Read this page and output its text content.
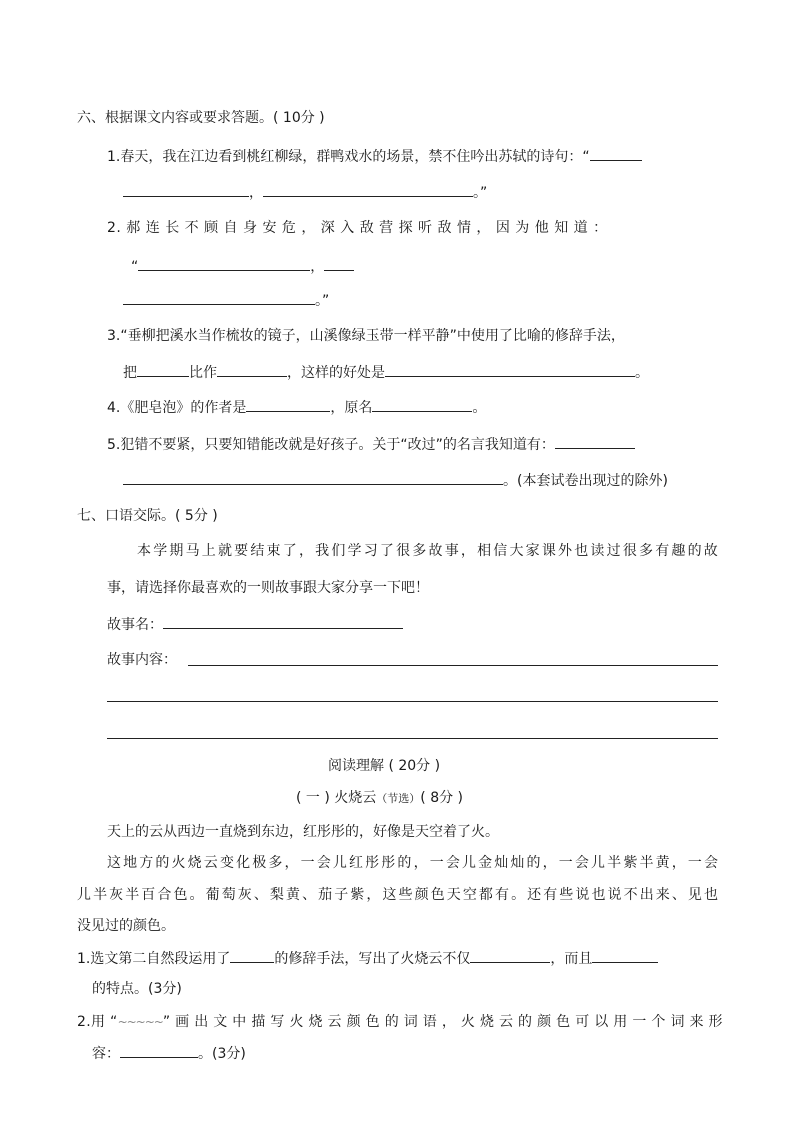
六、根据课文内容或要求答题。( 10分 )
1.春天，我在江边看到桃红柳绿，群鸭戏水的场景，禁不住吟出苏轼的诗句：“
，	。”
2. 郝 连 长 不 顾 自 身 安 危 ， 深 入 敌 营 探 听 敌 情 ， 因 为 他 知 道 ：
“	，
。”
3.“垂柳把溪水当作梳妆的镜子，山溪像绿玉带一样平静”中使用了比喻的修辞手法，
把	比作	，这样的好处是	。
4.《肥皂泡》的作者是	，原名	。
5.犯错不要紧，只要知错能改就是好孩子。关于“改过”的名言我知道有：
。(本套试卷出现过的除外)
七、口语交际。( 5分 )
本学期马上就要结束了，我们学习了很多故事，相信大家课外也读过很多有趣的故
事，请选择你最喜欢的一则故事跟大家分享一下吧！
故事名：
故事内容：
阅读理解 ( 20分 )
( 一 ) 火烧云（节选）( 8分 )
天上的云从西边一直烧到东边，红彤彤的，好像是天空着了火。
这地方的火烧云变化极多，一会儿红彤彤的，一会儿金灿灿的，一会儿半紫半黄，一会
儿半灰半百合色。葡萄灰、梨黄、茄子紫，这些颜色天空都有。还有些说也说不出来、见也
没见过的颜色。
1.选文第二自然段运用了	的修辞手法，写出了火烧云不仅	，而且
的特点。(3分)
2.用 “~~~~~” 画 出 文 中 描 写 火 烧 云 颜 色 的 词 语 ， 火 烧 云 的 颜 色 可 以 用 一 个 词 来 形
容：	。(3分)
